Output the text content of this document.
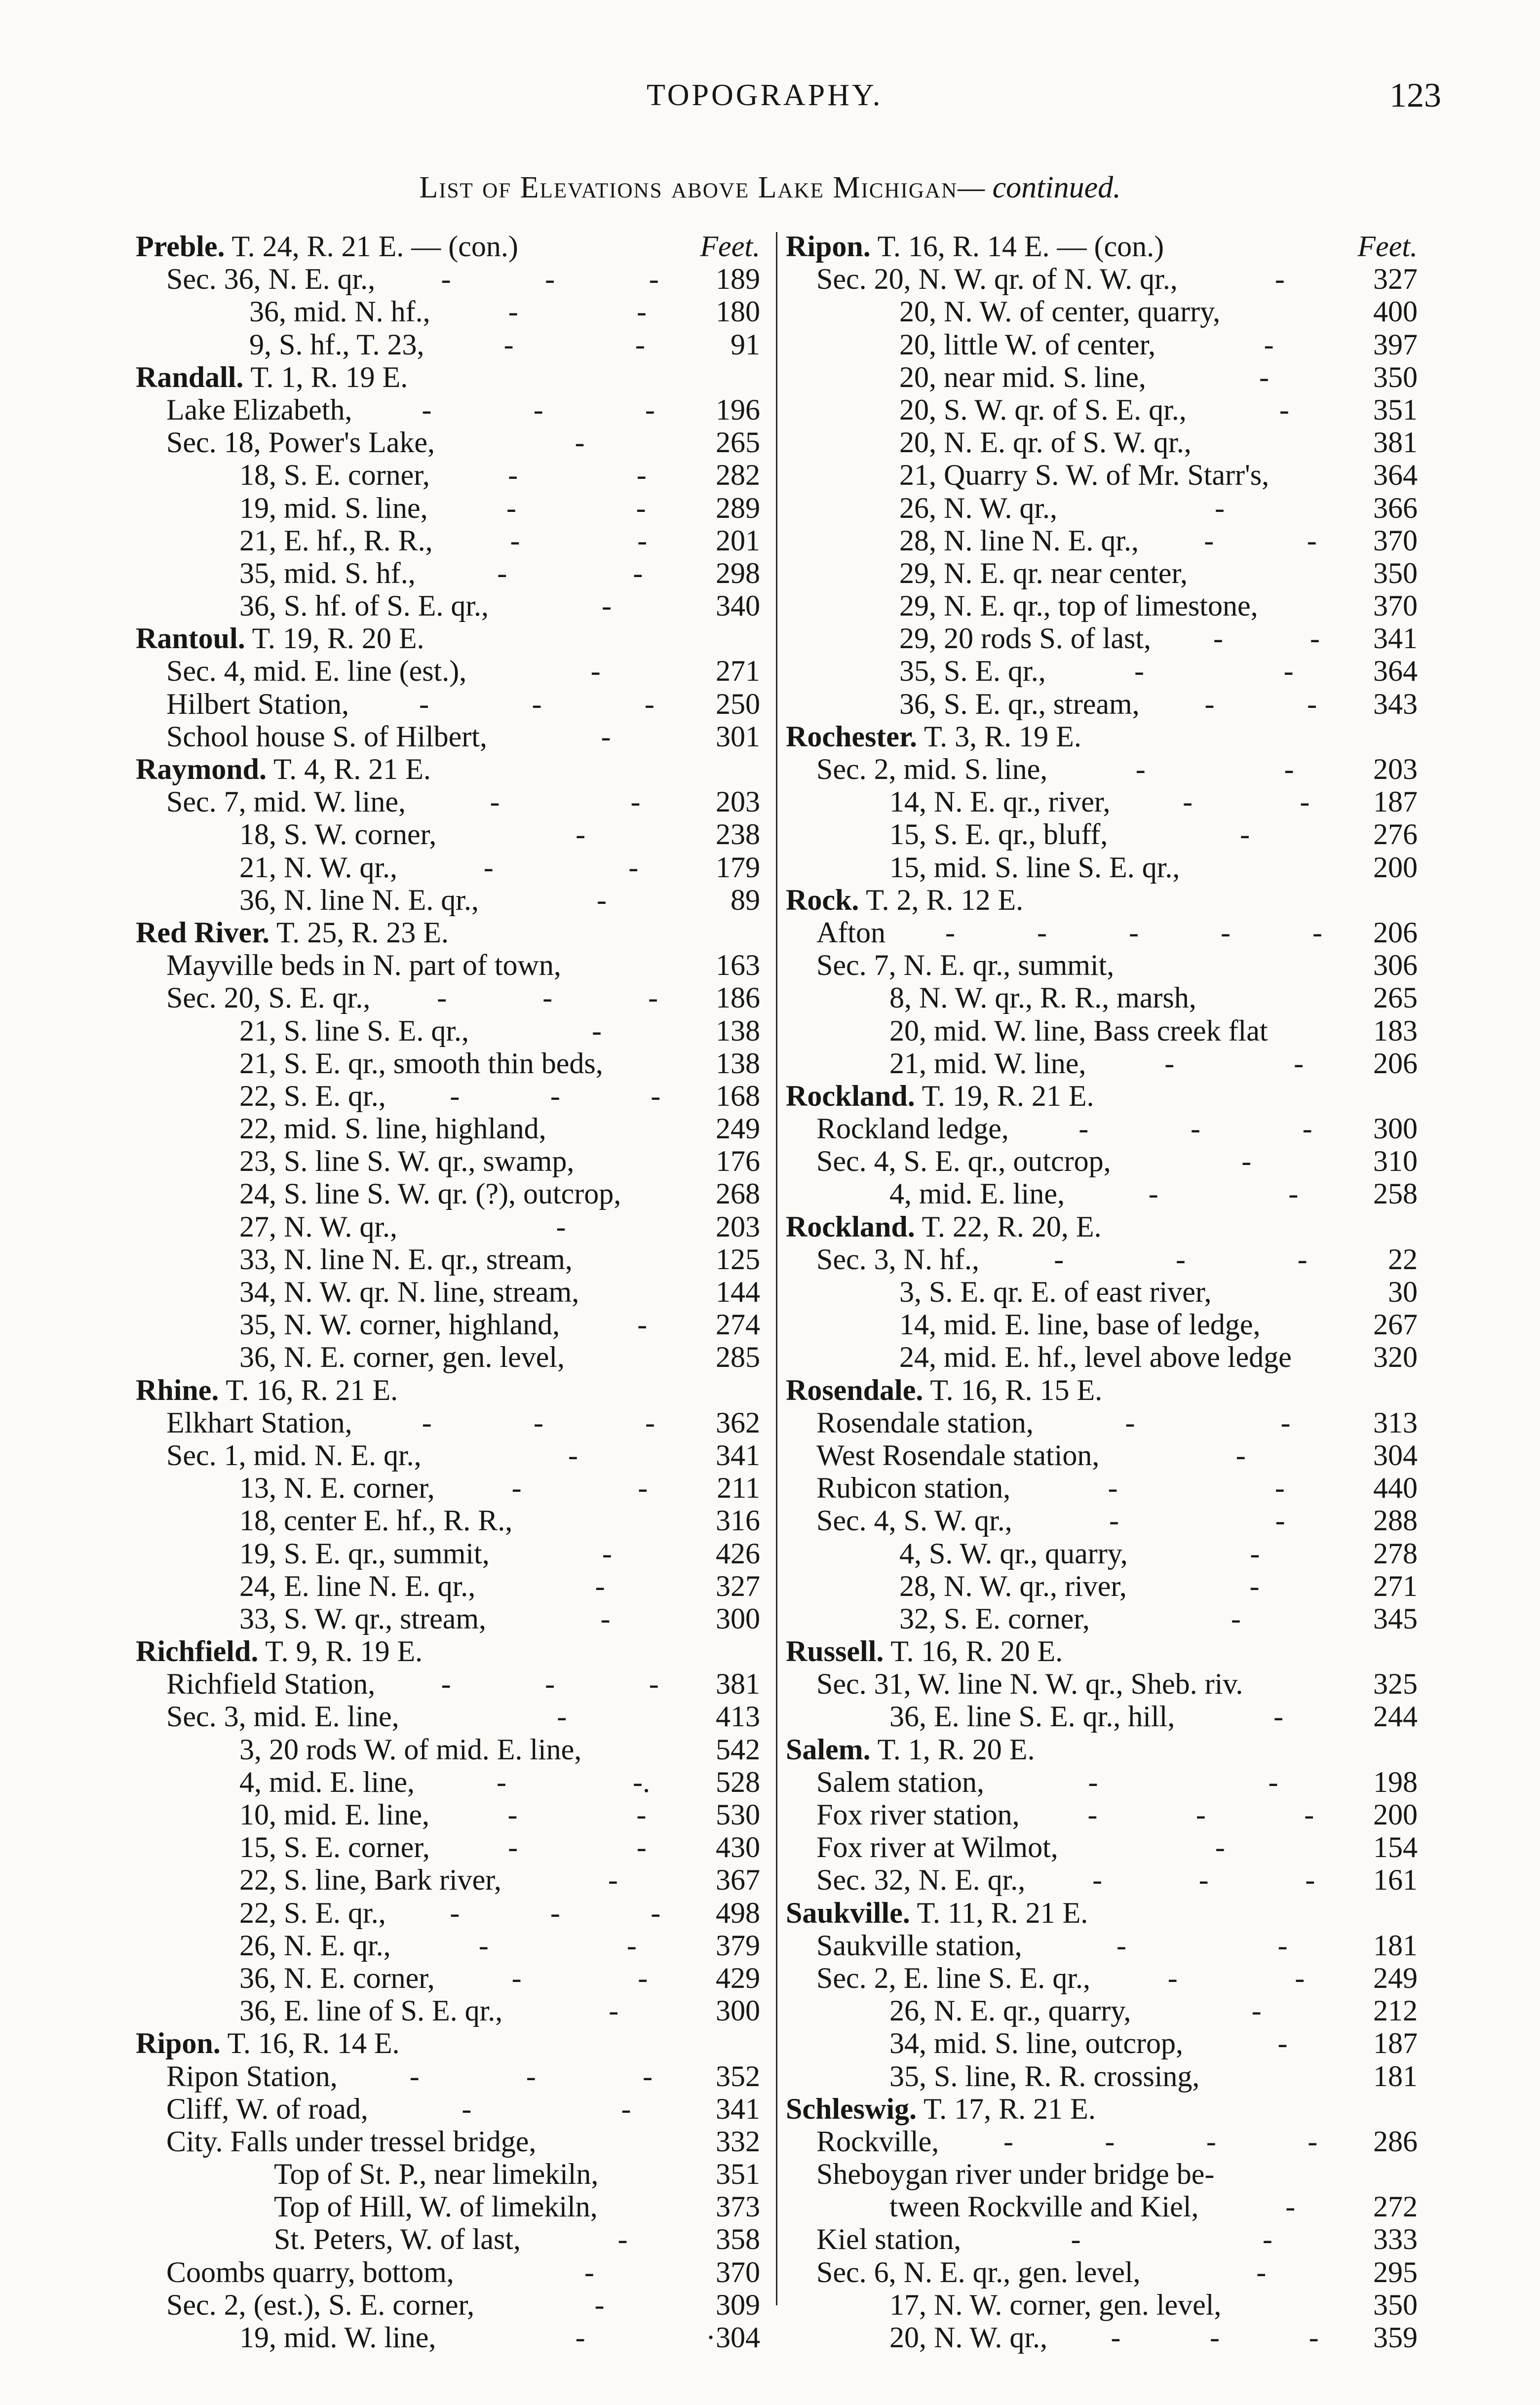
TOPOGRAPHY.	123
List of Elevations above Lake Michigan— continued.
Preble. T. 24, R. 21 E. — (con.)	Feet.
Sec. 36, N. E. qr.,	189
-	-	-
36, mid. N. hf.,	180
-	-
9, S. hf., T. 23,	91
-	-
Randall. T. 1, R. 19 E.
Lake Elizabeth,	196
-	-	-
Sec. 18, Power's Lake,	265
-
18, S. E. corner,	282
-	-
19, mid. S. line,	289
-	-
21, E. hf., R. R.,	201
-	-
35, mid. S. hf.,	298
-	-
36, S. hf. of S. E. qr.,	340
-
Rantoul. T. 19, R. 20 E.
Sec. 4, mid. E. line (est.),	271
-
Hilbert Station,	250
-	-	-
School house S. of Hilbert,	301
-
Raymond. T. 4, R. 21 E.
Sec. 7, mid. W. line,	203
-	-
18, S. W. corner,	238
-
21, N. W. qr.,	179
-	-
36, N. line N. E. qr.,	89
-
Red River. T. 25, R. 23 E.
Mayville beds in N. part of town,	163
Sec. 20, S. E. qr.,	186
-	-	-
21, S. line S. E. qr.,	138
-
21, S. E. qr., smooth thin beds,	138
22, S. E. qr.,	168
-	-	-
22, mid. S. line, highland,	249
23, S. line S. W. qr., swamp,	176
24, S. line S. W. qr. (?), outcrop,	268
27, N. W. qr.,	203
-
33, N. line N. E. qr., stream,	125
34, N. W. qr. N. line, stream,	144
35, N. W. corner, highland,	274
-
36, N. E. corner, gen. level,	285
Rhine. T. 16, R. 21 E.
Elkhart Station,	362
-	-	-
Sec. 1, mid. N. E. qr.,	341
-
13, N. E. corner,	211
-	-
18, center E. hf., R. R.,	316
19, S. E. qr., summit,	426
-
24, E. line N. E. qr.,	327
-
33, S. W. qr., stream,	300
-
Richfield. T. 9, R. 19 E.
Richfield Station,	381
-	-	-
Sec. 3, mid. E. line,	413
-
3, 20 rods W. of mid. E. line,	542
4, mid. E. line,	528
-	-.
10, mid. E. line,	530
-	-
15, S. E. corner,	430
-	-
22, S. line, Bark river,	367
-
22, S. E. qr.,	498
-	-	-
26, N. E. qr.,	379
-	-
36, N. E. corner,	429
-	-
36, E. line of S. E. qr.,	300
-
Ripon. T. 16, R. 14 E.
Ripon Station,	352
-	-	-
Cliff, W. of road,	341
-	-
City. Falls under tressel bridge,	332
Top of St. P., near limekiln,	351
Top of Hill, W. of limekiln,	373
St. Peters, W. of last,	358
-
Coombs quarry, bottom,	370
-
Sec. 2, (est.), S. E. corner,	309
-
19, mid. W. line,	·304
-
Ripon. T. 16, R. 14 E. — (con.)	Feet.
Sec. 20, N. W. qr. of N. W. qr.,	327
-
20, N. W. of center, quarry,	400
20, little W. of center,	397
-
20, near mid. S. line,	350
-
20, S. W. qr. of S. E. qr.,	351
-
20, N. E. qr. of S. W. qr.,	381
21, Quarry S. W. of Mr. Starr's,	364
26, N. W. qr.,	366
-
28, N. line N. E. qr.,	370
-	-
29, N. E. qr. near center,	350
29, N. E. qr., top of limestone,	370
29, 20 rods S. of last,	341
-	-
35, S. E. qr.,	364
-	-
36, S. E. qr., stream,	343
-	-
Rochester. T. 3, R. 19 E.
Sec. 2, mid. S. line,	203
-	-
14, N. E. qr., river,	187
-	-
15, S. E. qr., bluff,	276
-
15, mid. S. line S. E. qr.,	200
Rock. T. 2, R. 12 E.
Afton	206
-	-	-	-	-
Sec. 7, N. E. qr., summit,	306
8, N. W. qr., R. R., marsh,	265
20, mid. W. line, Bass creek flat	183
21, mid. W. line,	206
-	-
Rockland. T. 19, R. 21 E.
Rockland ledge,	300
-	-	-
Sec. 4, S. E. qr., outcrop,	310
-
4, mid. E. line,	258
-	-
Rockland. T. 22, R. 20, E.
Sec. 3, N. hf.,	22
-	-	-
3, S. E. qr. E. of east river,	30
14, mid. E. line, base of ledge,	267
24, mid. E. hf., level above ledge	320
Rosendale. T. 16, R. 15 E.
Rosendale station,	313
-	-
West Rosendale station,	304
-
Rubicon station,	440
-	-
Sec. 4, S. W. qr.,	288
-	-
4, S. W. qr., quarry,	278
-
28, N. W. qr., river,	271
-
32, S. E. corner,	345
-
Russell. T. 16, R. 20 E.
Sec. 31, W. line N. W. qr., Sheb. riv.	325
36, E. line S. E. qr., hill,	244
-
Salem. T. 1, R. 20 E.
Salem station,	198
-	-
Fox river station,	200
-	-	-
Fox river at Wilmot,	154
-
Sec. 32, N. E. qr.,	161
-	-	-
Saukville. T. 11, R. 21 E.
Saukville station,	181
-	-
Sec. 2, E. line S. E. qr.,	249
-	-
26, N. E. qr., quarry,	212
-
34, mid. S. line, outcrop,	187
-
35, S. line, R. R. crossing,	181
Schleswig. T. 17, R. 21 E.
Rockville,	286
-	-	-	-
Sheboygan river under bridge be-
tween Rockville and Kiel,	272
-
Kiel station,	333
-	-
Sec. 6, N. E. qr., gen. level,	295
-
17, N. W. corner, gen. level,	350
20, N. W. qr.,	359
-	-	-
